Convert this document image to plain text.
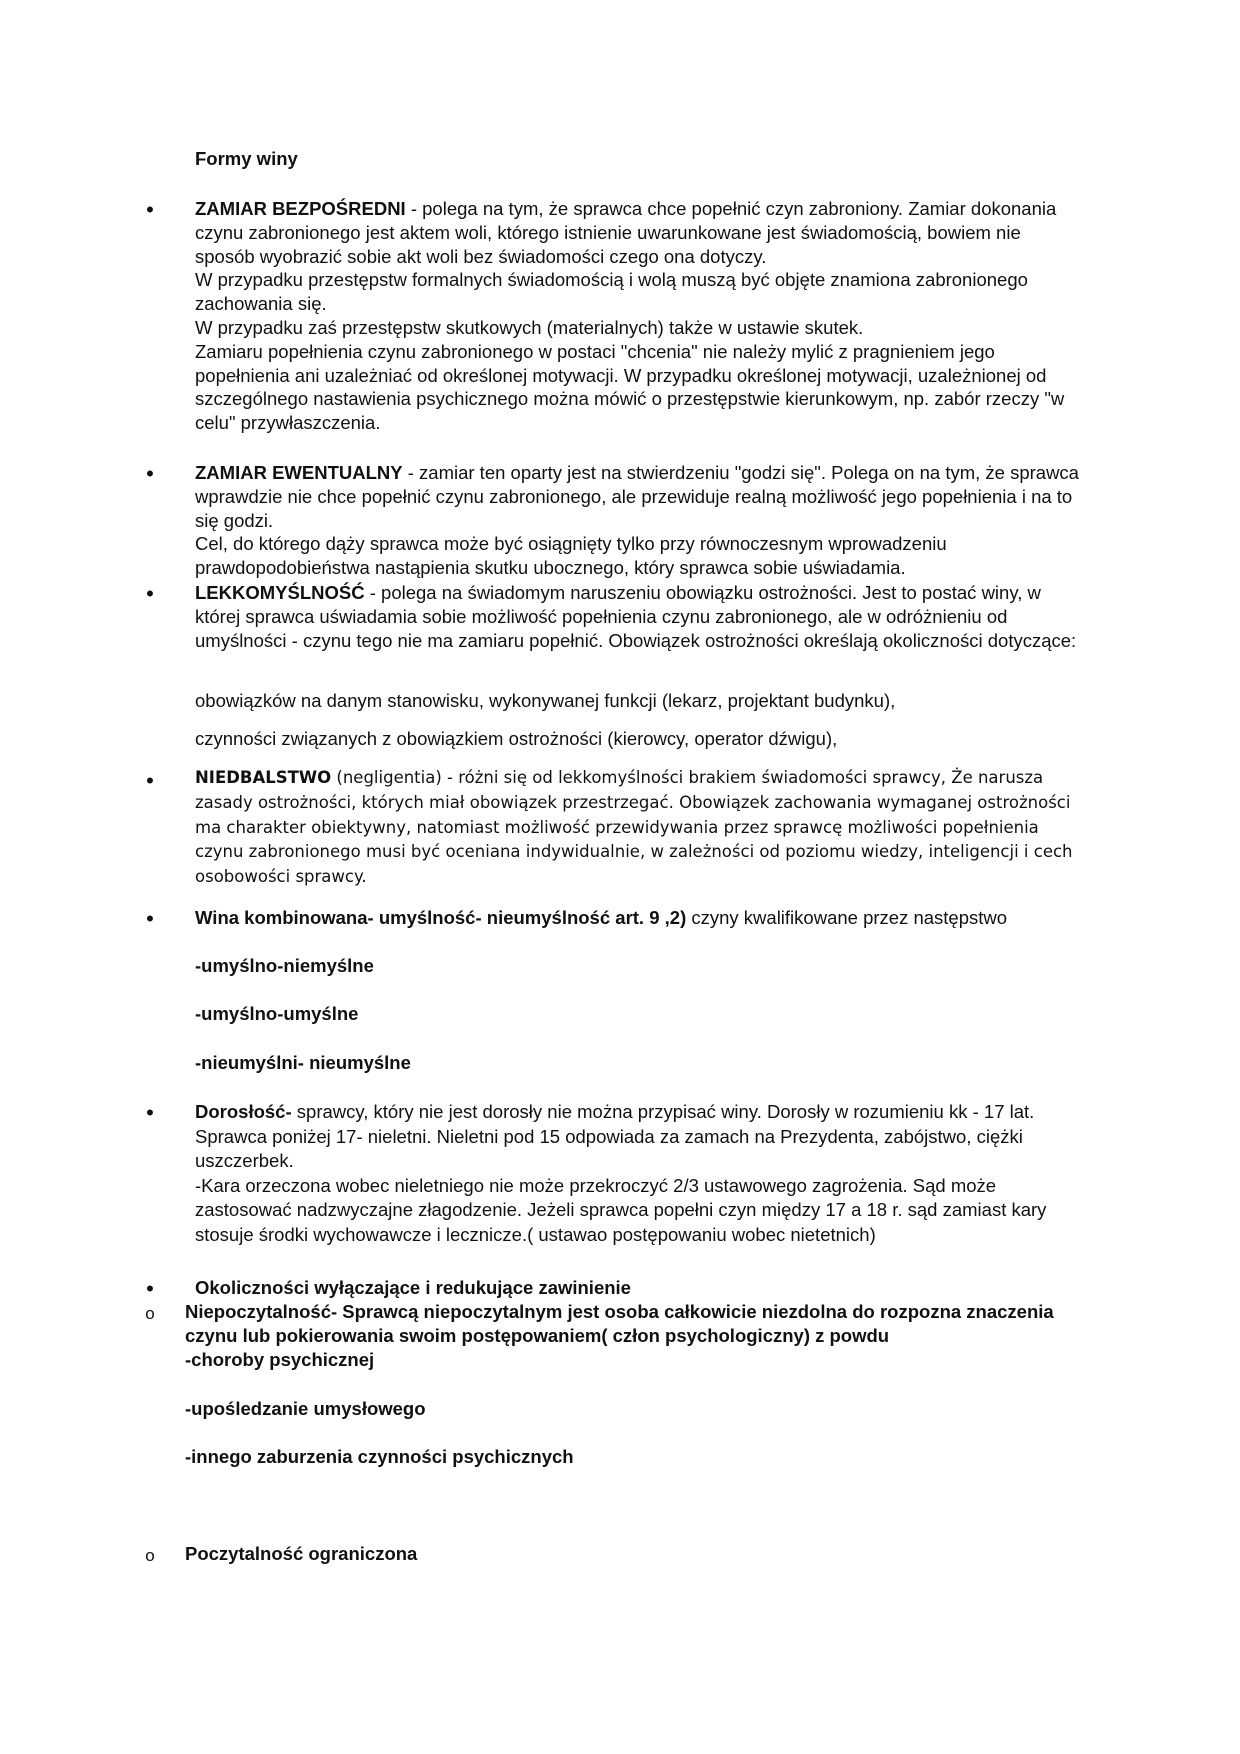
Formy winy
•

ZAMIAR BEZPOŚREDNI - polega na tym, że sprawca chce popełnić czyn zabroniony. Zamiar dokonania czynu zabronionego jest aktem woli, którego istnienie uwarunkowane jest świadomością, bowiem nie sposób wyobrazić sobie akt woli bez świadomości czego ona dotyczy.

W przypadku przestępstw formalnych świadomością i wolą muszą być objęte znamiona zabronionego zachowania się.

W przypadku zaś przestępstw skutkowych (materialnych) także w ustawie skutek.

Zamiaru popełnienia czynu zabronionego w postaci "chcenia" nie należy mylić z pragnieniem jego popełnienia ani uzależniać od określonej motywacji. W przypadku określonej motywacji, uzależnionej od szczególnego nastawienia psychicznego można mówić o przestępstwie kierunkowym, np. zabór rzeczy "w celu" przywłaszczenia.

•

ZAMIAR EWENTUALNY - zamiar ten oparty jest na stwierdzeniu "godzi się". Polega on na tym, że sprawca wprawdzie nie chce popełnić czynu zabronionego, ale przewiduje realną możliwość jego popełnienia i na to się godzi.

Cel, do którego dąży sprawca może być osiągnięty tylko przy równoczesnym wprowadzeniu prawdopodobieństwa nastąpienia skutku ubocznego, który sprawca sobie uświadamia.

•

LEKKOMYŚLNOŚĆ - polega na świadomym naruszeniu obowiązku ostrożności. Jest to postać winy, w której sprawca uświadamia sobie możliwość popełnienia czynu zabronionego, ale w odróżnieniu od umyślności - czynu tego nie ma zamiaru popełnić. Obowiązek ostrożności określają okoliczności dotyczące:

obowiązków na danym stanowisku, wykonywanej funkcji (lekarz, projektant budynku),
czynności związanych z obowiązkiem ostrożności (kierowcy, operator dźwigu),
•

NIEDBALSTWO (negligentia) - różni się od lekkomyślności brakiem świadomości sprawcy, Że narusza zasady ostrożności, których miał obowiązek przestrzegać. Obowiązek zachowania wymaganej ostrożności ma charakter obiektywny, natomiast możliwość przewidywania przez sprawcę możliwości popełnienia czynu zabronionego musi być oceniana indywidualnie, w zależności od poziomu wiedzy, inteligencji i cech osobowości sprawcy.

•

Wina kombinowana- umyślność- nieumyślność art. 9 ,2) czyny kwalifikowane przez następstwo

-umyślno-niemyślne
-umyślno-umyślne
-nieumyślni- nieumyślne
•

Dorosłość- sprawcy, który nie jest dorosły nie można przypisać winy. Dorosły w rozumieniu kk - 17 lat. Sprawca poniżej 17- nieletni. Nieletni pod 15 odpowiada za zamach na Prezydenta, zabójstwo, ciężki uszczerbek.

-Kara orzeczona wobec nieletniego nie może przekroczyć 2/3 ustawowego zagrożenia. Sąd może zastosować nadzwyczajne złagodzenie. Jeżeli sprawca popełni czyn między 17 a 18 r. sąd zamiast kary stosuje środki wychowawcze i lecznicze.( ustawao postępowaniu wobec nietetnich)

•
Okoliczności wyłączające i redukujące zawinienie
o

Niepoczytalność- Sprawcą niepoczytalnym jest osoba całkowicie niezdolna do rozpozna znaczenia czynu lub pokierowania swoim postępowaniem( człon psychologiczny) z powdu

-choroby psychicznej
-upośledzanie umysłowego
-innego zaburzenia czynności psychicznych
o
Poczytalność ograniczona
